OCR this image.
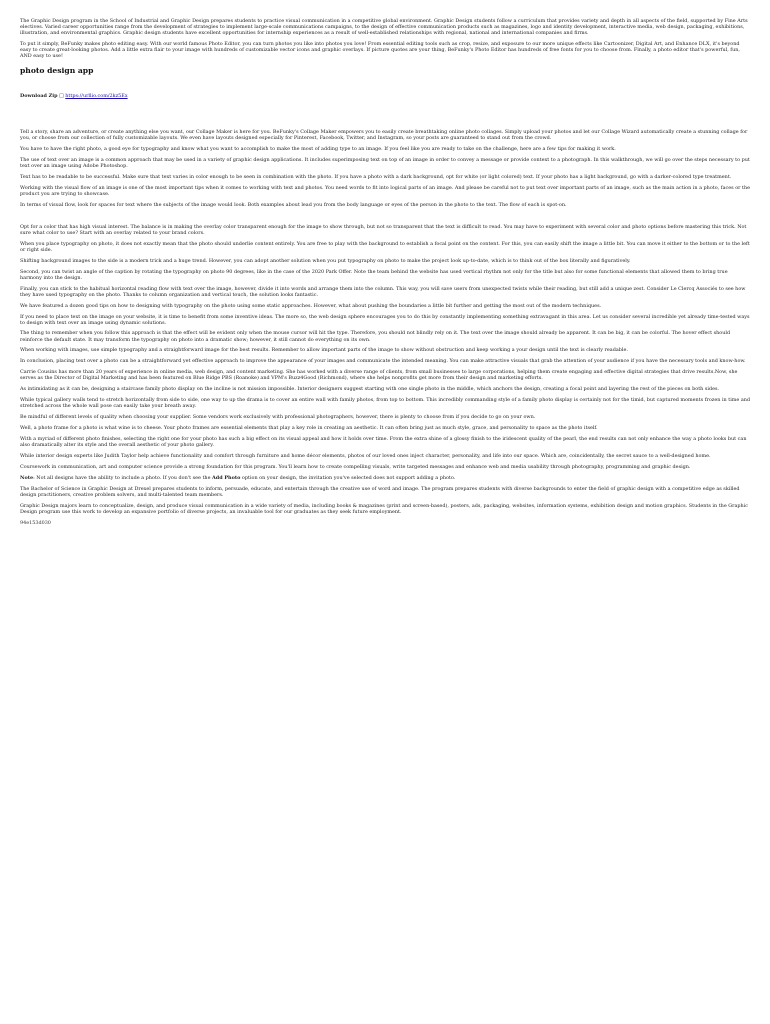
The Graphic Design program in the School of Industrial and Graphic Design prepares students to practice visual communication in a competitive global environment. Graphic Design students follow a curriculum that provides variety and depth in all aspects of the field, supported by Fine Arts electives. Varied career opportunities range from the development of strategies to implement large-scale communications campaigns, to the design of effective communication products such as magazines, logo and identity development, interactive media, web design, packaging, exhibitions, illustration, and environmental graphics. Graphic design students have excellent opportunities for internship experiences as a result of well-established relationships with regional, national and international companies and firms.

To put it simply, BeFunky makes photo editing easy. With our world famous Photo Editor, you can turn photos you like into photos you love! From essential editing tools such as crop, resize, and exposure to our more unique effects like Cartoonizer, Digital Art, and Enhance DLX, it's beyond easy to create great-looking photos. Add a little extra flair to your image with hundreds of customizable vector icons and graphic overlays. If picture quotes are your thing, BeFunky's Photo Editor has hundreds of free fonts for you to choose from. Finally, a photo editor that's powerful, fun, AND easy to use!

photo design app
Download Zip □ https://urllio.com/2kz5Ex

Tell a story, share an adventure, or create anything else you want, our Collage Maker is here for you. BeFunky's Collage Maker empowers you to easily create breathtaking online photo collages. Simply upload your photos and let our Collage Wizard automatically create a stunning collage for you, or choose from our collection of fully customizable layouts. We even have layouts designed especially for Pinterest, Facebook, Twitter, and Instagram, so your posts are guaranteed to stand out from the crowd.

You have to have the right photo, a good eye for typography and know what you want to accomplish to make the most of adding type to an image. If you feel like you are ready to take on the challenge, here are a few tips for making it work.

The use of text over an image is a common approach that may be used in a variety of graphic design applications. It includes superimposing text on top of an image in order to convey a message or provide context to a photograph. In this walkthrough, we will go over the steps necessary to put text over an image using Adobe Photoshop.

Text has to be readable to be successful. Make sure that text varies in color enough to be seen in combination with the photo. If you have a photo with a dark background, opt for white (or light colored) text. If your photo has a light background, go with a darker-colored type treatment.

Working with the visual flow of an image is one of the most important tips when it comes to working with text and photos. You need words to fit into logical parts of an image. And please be careful not to put text over important parts of an image, such as the main action in a photo, faces or the product you are trying to showcase.

In terms of visual flow, look for spaces for text where the subjects of the image would look. Both examples about lead you from the body language or eyes of the person in the photo to the text. The flow of each is spot-on.

Opt for a color that has high visual interest. The balance is in making the overlay color transparent enough for the image to show through, but not so transparent that the text is difficult to read. You may have to experiment with several color and photo options before mastering this trick. Not sure what color to use? Start with an overlay related to your brand colors.

When you place typography on photo, it does not exactly mean that the photo should underlie content entirely. You are free to play with the background to establish a focal point on the content. For this, you can easily shift the image a little bit. You can move it either to the bottom or to the left or right side.

Shifting background images to the side is a modern trick and a huge trend. However, you can adopt another solution when you put typography on photo to make the project look up-to-date, which is to think out of the box literally and figuratively.

Second, you can twist an angle of the caption by rotating the typography on photo 90 degrees, like in the case of the 2020 Park Offer. Note the team behind the website has used vertical rhythm not only for the title but also for some functional elements that allowed them to bring true harmony into the design.

Finally, you can stick to the habitual horizontal reading flow with text over the image, however, divide it into words and arrange them into the column. This way, you will save users from unexpected twists while their reading, but still add a unique zest. Consider Le Clercq Associés to see how they have used typography on the photo. Thanks to column organization and vertical touch, the solution looks fantastic.

We have featured a dozen good tips on how to designing with typography on the photo using some static approaches. However, what about pushing the boundaries a little bit further and getting the most out of the modern techniques.

If you need to place text on the image on your website, it is time to benefit from some inventive ideas. The more so, the web design sphere encourages you to do this by constantly implementing something extravagant in this area. Let us consider several incredible yet already time-tested ways to design with text over an image using dynamic solutions.

The thing to remember when you follow this approach is that the effect will be evident only when the mouse cursor will hit the type. Therefore, you should not blindly rely on it. The text over the image should already be apparent. It can be big, it can be colorful. The hover effect should reinforce the default state. It may transform the typography on photo into a dramatic show; however, it still cannot do everything on its own.

When working with images, use simple typography and a straightforward image for the best results. Remember to allow important parts of the image to show without obstruction and keep working a your design until the text is clearly readable.

In conclusion, placing text over a photo can be a straightforward yet effective approach to improve the appearance of your images and communicate the intended meaning. You can make attractive visuals that grab the attention of your audience if you have the necessary tools and know-how.

Carrie Cousins has more than 20 years of experience in online media, web design, and content marketing. She has worked with a diverse range of clients, from small businesses to large corporations, helping them create engaging and effective digital strategies that drive results.Now, she serves as the Director of Digital Marketing and has been featured on Blue Ridge PBS (Roanoke) and VPM's Buzz4Good (Richmond), where she helps nonprofits get more from their design and marketing efforts.

As intimidating as it can be, designing a staircase family photo display on the incline is not mission impossible. Interior designers suggest starting with one single photo in the middle, which anchors the design, creating a focal point and layering the rest of the pieces on both sides.

While typical gallery walls tend to stretch horizontally from side to side, one way to up the drama is to cover an entire wall with family photos, from top to bottom. This incredibly commanding style of a family photo display is certainly not for the timid, but captured moments frozen in time and stretched across the whole wall pose can easily take your breath away.

Be mindful of different levels of quality when choosing your supplier. Some vendors work exclusively with professional photographers, however, there is plenty to choose from if you decide to go on your own.

Well, a photo frame for a photo is what wine is to cheese. Your photo frames are essential elements that play a key role in creating an aesthetic. It can often bring just as much style, grace, and personality to space as the photo itself.

With a myriad of different photo finishes, selecting the right one for your photo has such a big effect on its visual appeal and how it holds over time. From the extra shine of a glossy finish to the iridescent quality of the pearl, the end results can not only enhance the way a photo looks but can also dramatically alter its style and the overall aesthetic of your photo gallery.

While interior design experts like Judith Taylor help achieve functionality and comfort through furniture and home décor elements, photos of our loved ones inject character, personality, and life into our space. Which are, coincidentally, the secret sauce to a well-designed home.

Coursework in communication, art and computer science provide a strong foundation for this program. You'll learn how to create compelling visuals, write targeted messages and enhance web and media usability through photography, programming and graphic design.

Note: Not all designs have the ability to include a photo. If you don't see the Add Photo option on your design, the invitation you've selected does not support adding a photo.

The Bachelor of Science in Graphic Design at Drexel prepares students to inform, persuade, educate, and entertain through the creative use of word and image. The program prepares students with diverse backgrounds to enter the field of graphic design with a competitive edge as skilled design practitioners, creative problem solvers, and multi-talented team members.

Graphic Design majors learn to conceptualize, design, and produce visual communication in a wide variety of media, including books & magazines (print and screen-based), posters, ads, packaging, websites, information systems, exhibition design and motion graphics. Students in the Graphic Design program use this work to develop an expansive portfolio of diverse projects, an invaluable tool for our graduates as they seek future employment.

94e153d030
